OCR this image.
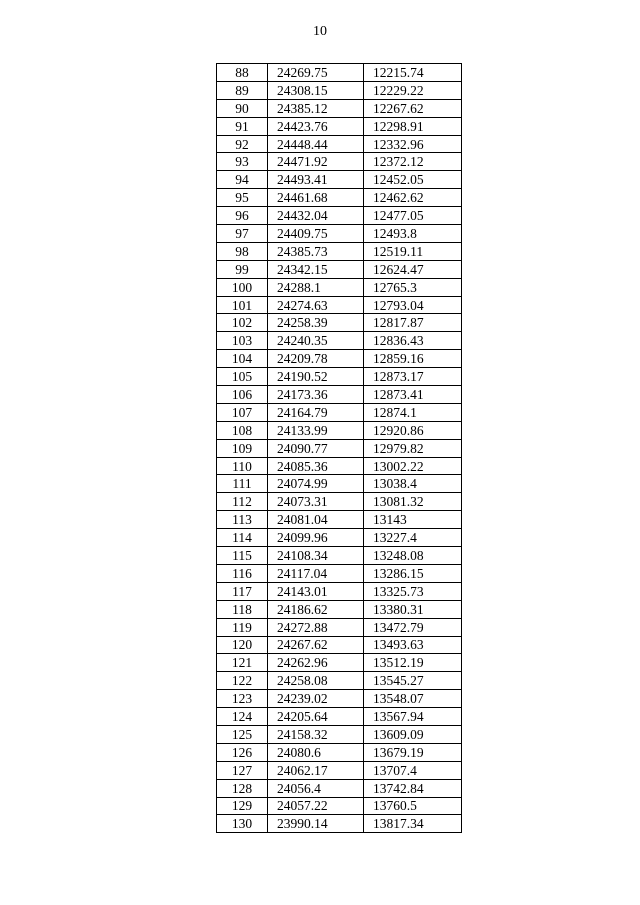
10
88	24269.75	12215.74
89	24308.15	12229.22
90	24385.12	12267.62
91	24423.76	12298.91
92	24448.44	12332.96
93	24471.92	12372.12
94	24493.41	12452.05
95	24461.68	12462.62
96	24432.04	12477.05
97	24409.75	12493.8
98	24385.73	12519.11
99	24342.15	12624.47
100	24288.1	12765.3
101	24274.63	12793.04
102	24258.39	12817.87
103	24240.35	12836.43
104	24209.78	12859.16
105	24190.52	12873.17
106	24173.36	12873.41
107	24164.79	12874.1
108	24133.99	12920.86
109	24090.77	12979.82
110	24085.36	13002.22
111	24074.99	13038.4
112	24073.31	13081.32
113	24081.04	13143
114	24099.96	13227.4
115	24108.34	13248.08
116	24117.04	13286.15
117	24143.01	13325.73
118	24186.62	13380.31
119	24272.88	13472.79
120	24267.62	13493.63
121	24262.96	13512.19
122	24258.08	13545.27
123	24239.02	13548.07
124	24205.64	13567.94
125	24158.32	13609.09
126	24080.6	13679.19
127	24062.17	13707.4
128	24056.4	13742.84
129	24057.22	13760.5
130	23990.14	13817.34
